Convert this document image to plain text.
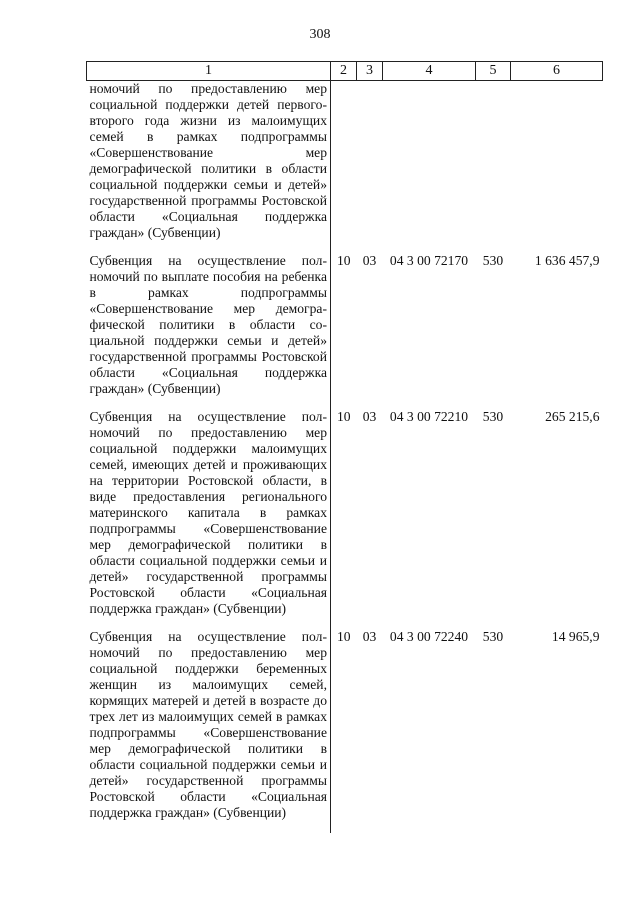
308
1	2	3	4	5	6

номочий по предоставлению мер социальной поддержки детей первого-второго года жизни из малоимущих семей в рамках подпрограммы «Совершенствование мер демографической политики в области социальной поддержки семьи и детей» государственной программы Ростовской области «Социальная поддержка граждан» (Субвенции)					

Субвенция на осуществление полномочий по выплате пособия на ребенка в рамках подпрограммы «Совершенствование мер демографической политики в области социальной поддержки семьи и детей» государственной программы Ростовской области «Социальная поддержка граждан» (Субвенции)	10	03	04 3 00 72170	530	1 636 457,9

Субвенция на осуществление полномочий по предоставлению мер социальной поддержки малоимущих семей, имеющих детей и проживающих на территории Ростовской области, в виде предоставления регионального материнского капитала в рамках подпрограммы «Совершенствование мер демографической политики в области социальной поддержки семьи и детей» государственной программы Ростовской области «Социальная поддержка граждан» (Субвенции)	10	03	04 3 00 72210	530	265 215,6

Субвенция на осуществление полномочий по предоставлению мер социальной поддержки беременных женщин из малоимущих семей, кормящих матерей и детей в возрасте до трех лет из малоимущих семей в рамках подпрограммы «Совершенствование мер демографической политики в области социальной поддержки семьи и детей» государственной программы Ростовской области «Социальная поддержка граждан» (Субвенции)	10	03	04 3 00 72240	530	14 965,9
